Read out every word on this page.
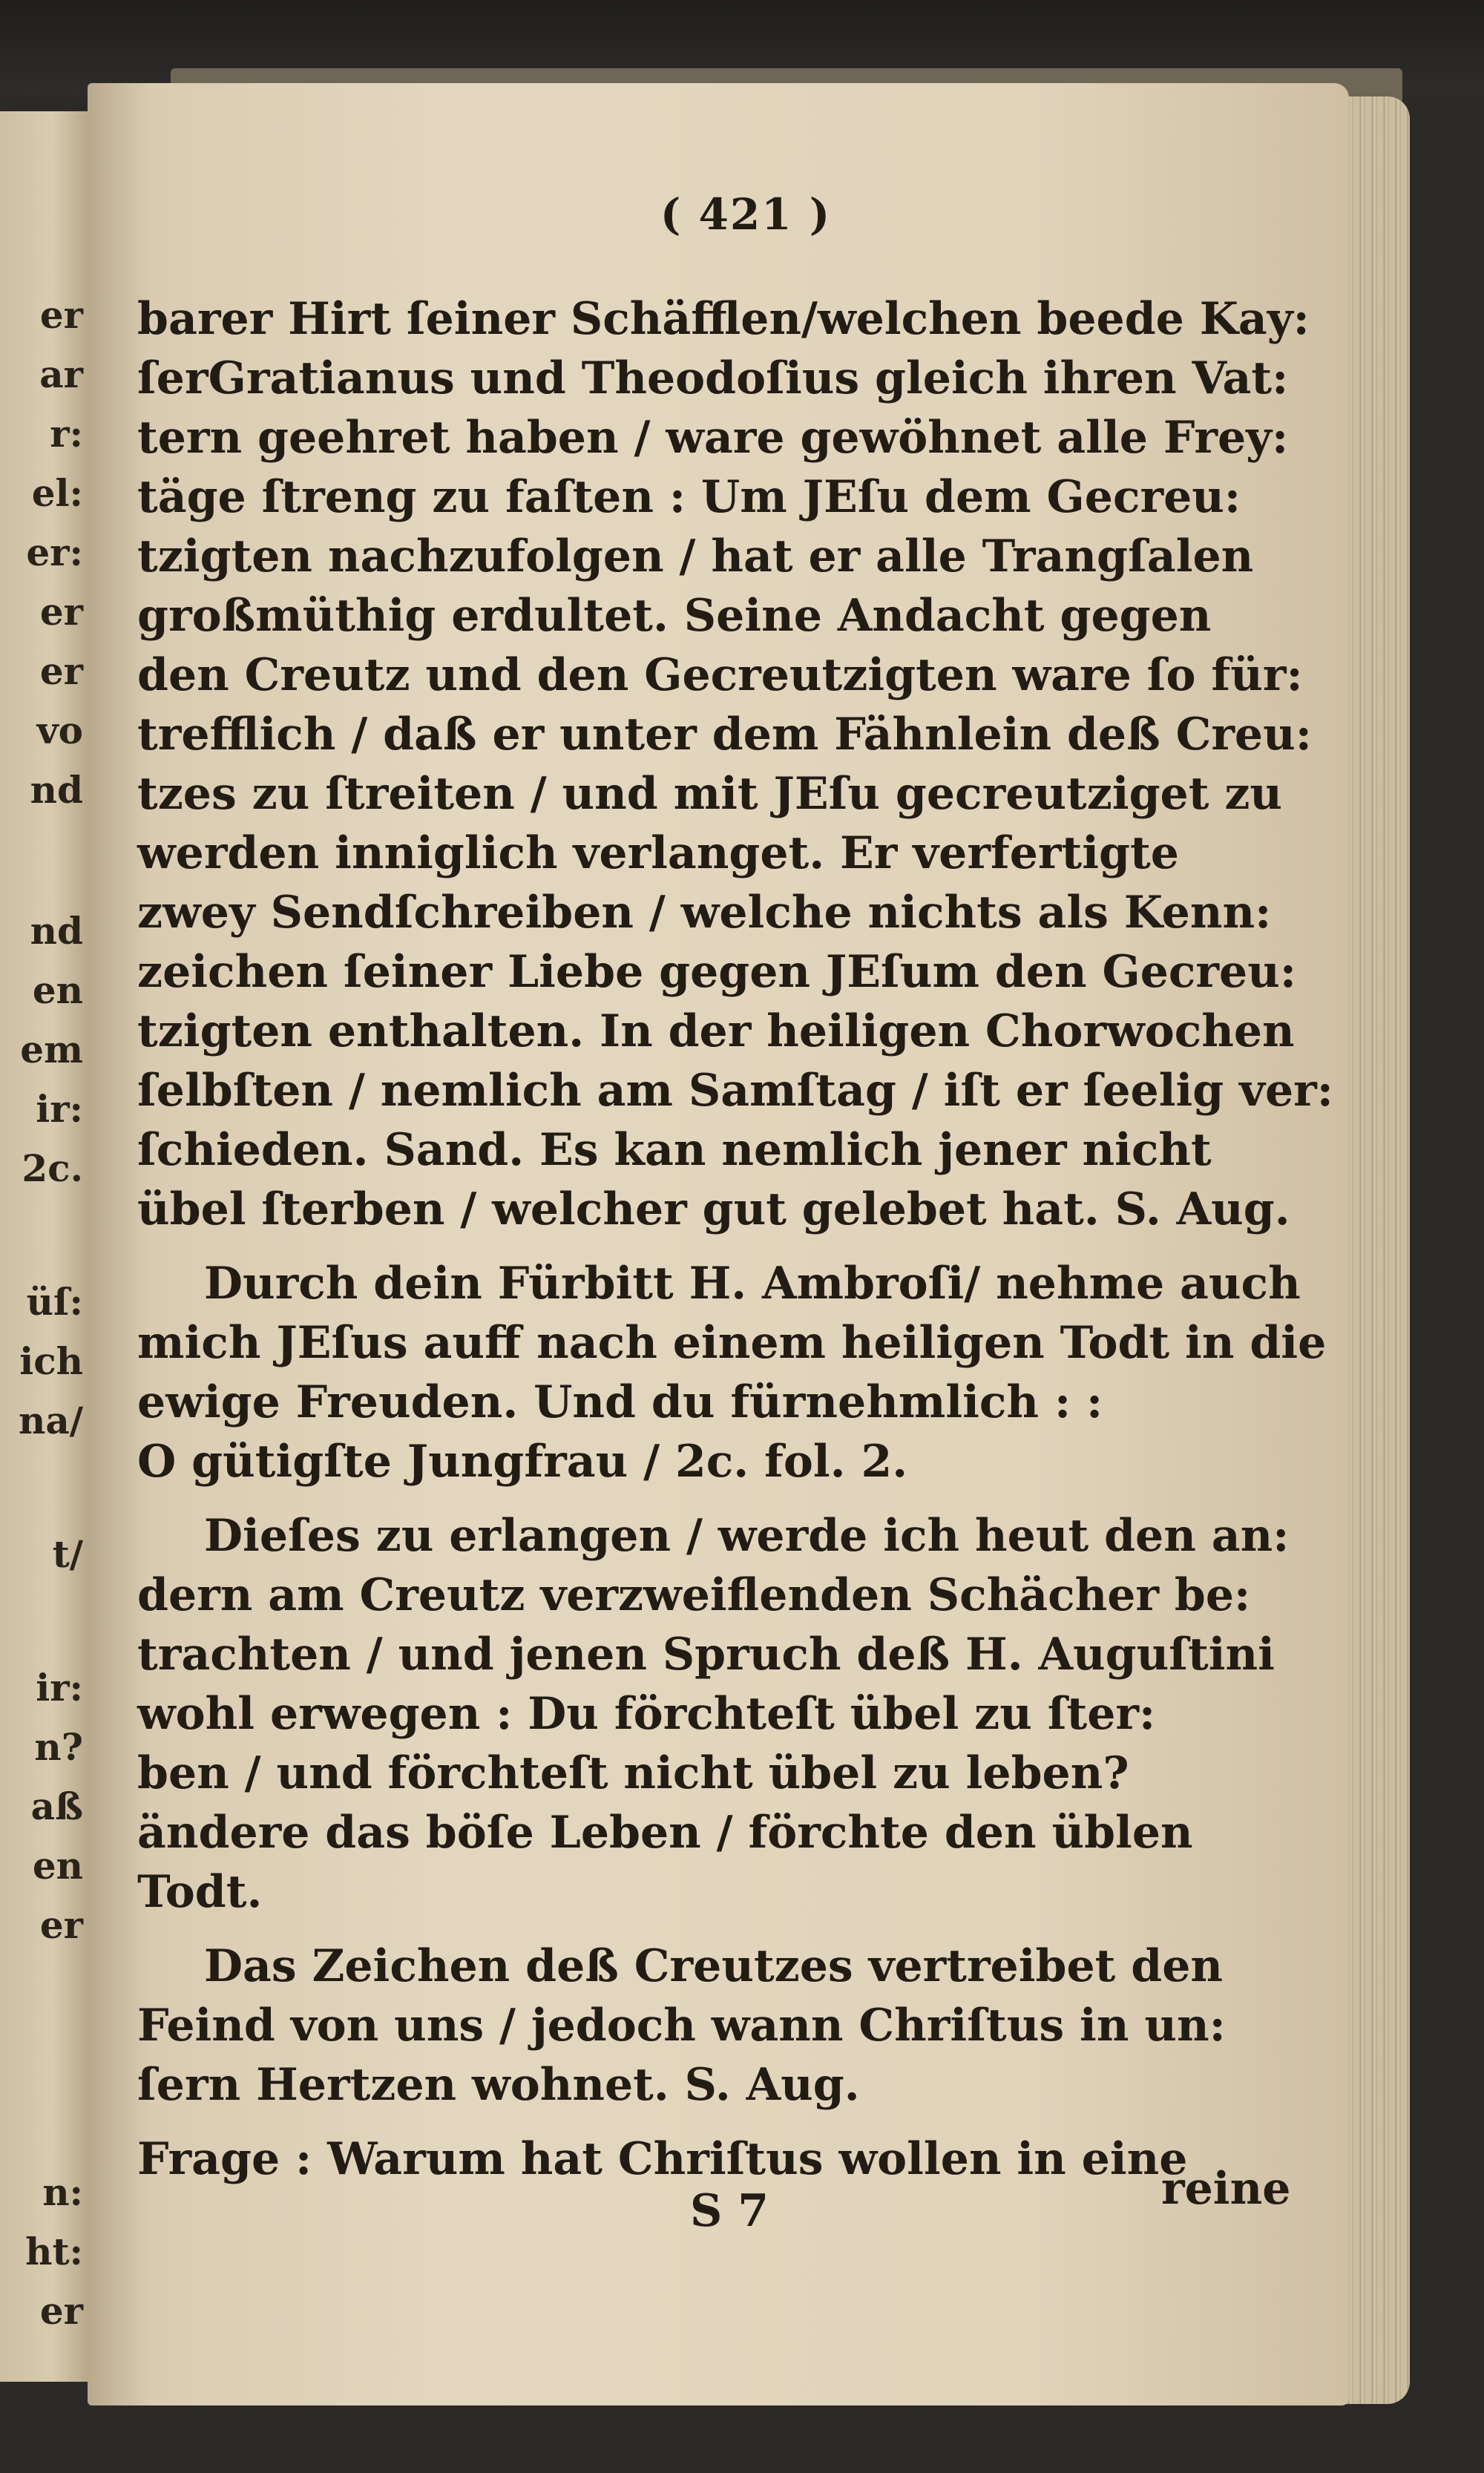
er
ar
r:
el:
er:
er
er
vo
nd
nd
en
em
ir:
2c.
üſ:
ich
na/
t/
ir:
n?
aß
en
er
n:
ht:
er
( 421 )
barer Hirt ſeiner Schäfflen/welchen beede Kay:
ſerGratianus und Theodoſius gleich ihren Vat:
tern geehret haben / ware gewöhnet alle Frey:
täge ſtreng zu faſten : Um JEſu dem Gecreu:
tzigten nachzufolgen / hat er alle Trangſalen
großmüthig erdultet. Seine Andacht gegen
den Creutz und den Gecreutzigten ware ſo für:
trefflich / daß er unter dem Fähnlein deß Creu:
tzes zu ſtreiten / und mit JEſu gecreutziget zu
werden inniglich verlanget. Er verfertigte
zwey Sendſchreiben / welche nichts als Kenn:
zeichen ſeiner Liebe gegen JEſum den Gecreu:
tzigten enthalten. In der heiligen Chorwochen
ſelbſten / nemlich am Samſtag / iſt er ſeelig ver:
ſchieden. Sand. Es kan nemlich jener nicht
übel ſterben / welcher gut gelebet hat. S. Aug.
Durch dein Fürbitt H. Ambroſi/ nehme auch
mich JEſus auff nach einem heiligen Todt in die
ewige Freuden. Und du fürnehmlich : :
O gütigſte Jungfrau / 2c. fol. 2.
Dieſes zu erlangen / werde ich heut den an:
dern am Creutz verzweiflenden Schächer be:
trachten / und jenen Spruch deß H. Auguſtini
wohl erwegen : Du förchteſt übel zu ſter:
ben / und förchteſt nicht übel zu leben?
ändere das böſe Leben / förchte den üblen
Todt.
Das Zeichen deß Creutzes vertreibet den
Feind von uns / jedoch wann Chriſtus in un:
ſern Hertzen wohnet. S. Aug.
Frage : Warum hat Chriſtus wollen in eine
S 7	reine
